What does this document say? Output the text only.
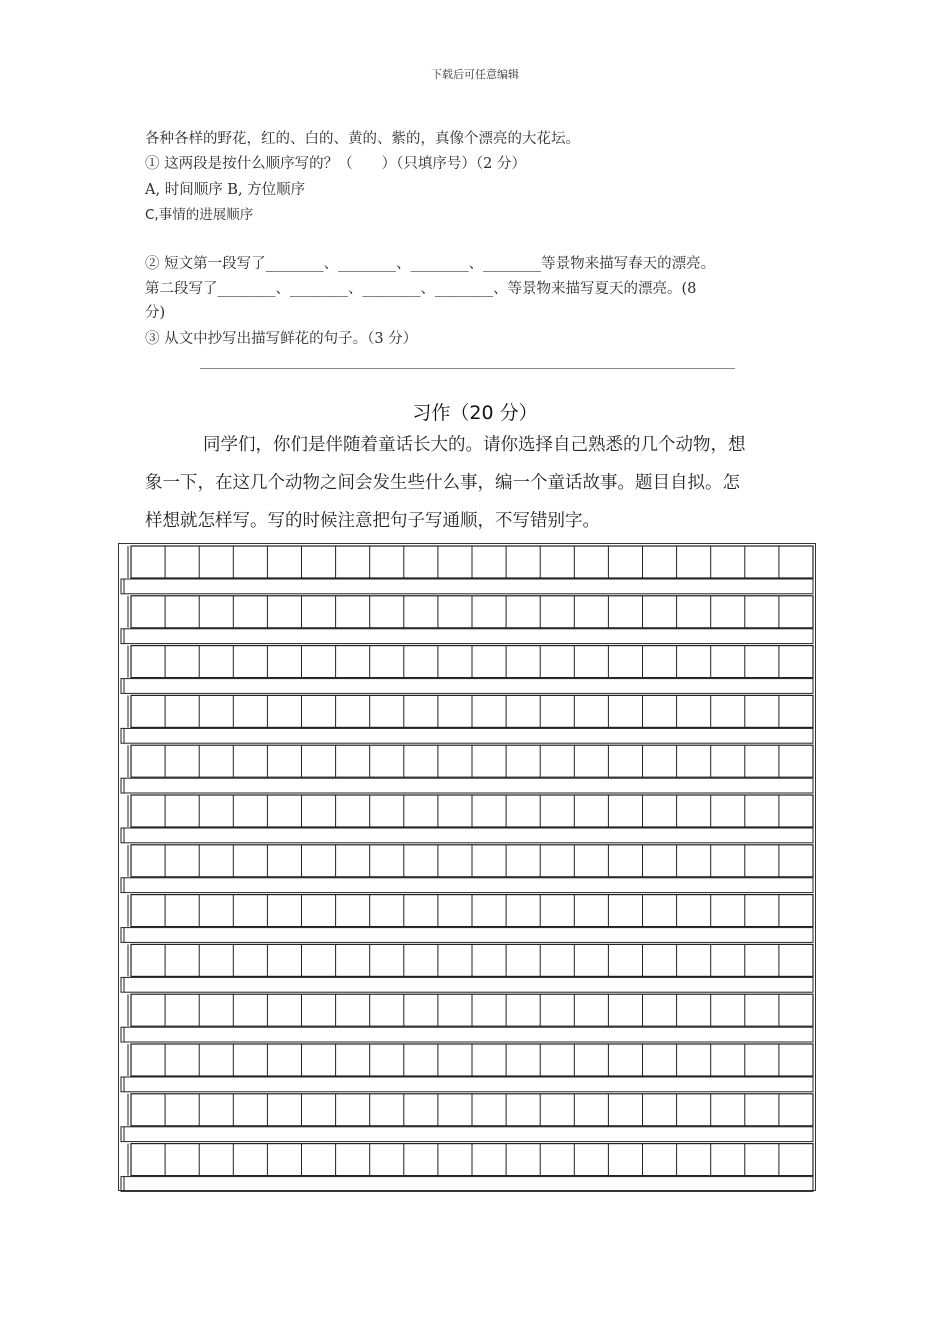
下载后可任意编辑
各种各样的野花，红的、白的、黄的、紫的，真像个漂亮的大花坛。
① 这两段是按什么顺序写的？（　　）（只填序号）（2 分）
A, 时间顺序 B, 方位顺序
C,事情的进展顺序
② 短文第一段写了________、________、________、________等景物来描写春天的漂亮。
第二段写了________、________、________、________、等景物来描写夏天的漂亮。(8
分)
③ 从文中抄写出描写鲜花的句子。（3 分）
习作（20 分）
同学们，你们是伴随着童话长大的。请你选择自己熟悉的几个动物，想
象一下，在这几个动物之间会发生些什么事，编一个童话故事。题目自拟。怎
样想就怎样写。写的时候注意把句子写通顺，不写错别字。
